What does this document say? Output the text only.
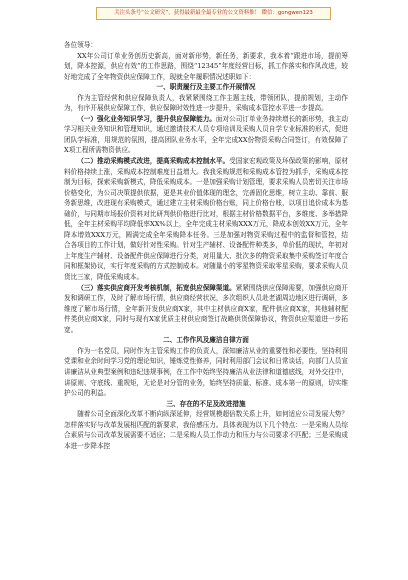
关注头条号“公文研究”，获得最新最全最专业的公文资料推！ 微信：gongwen123

各位领导：

XX年公司订单业务创历史新高，面对新形势，新任务，新要求，我本着“跟进市场，提前筹划，降本控源，供应有效”的工作思路，围绕“12345”年度经营目标，抓工作落实和作风改进，较好地完成了全年物资供应保障工作，现就全年履职情况述职如下：

一、职责履行及主要工作开展情况

作为主管经营和供应保障负责人，我紧紧围绕工作主题主线，带领团队，提前规划，主动作为，有序开展供应保障工作，供应保障时效性进一步提升，采购成本管控水平进一步提高。

（一）强化业务知识学习，提升供应保障能力。面对公司订单业务持续增长的新形势，我主动学习相关业务知识和管理知识，通过邀请技术人员专项培训及采购人员自学专业标准的形式，促进团队学标准，用规范的氛围，提高团队业务水平，全年完成XX份物资采购合同签订，有效保障了X项工程所需物资供应。

（二）推动采购模式改进，提高采购成本控制水平。受国家宏观政策及环保政策的影响，原材料价格持续上涨，采购成本控制难度日益增大。我我采购规范和采购成本管控为抓手，采购成本控制为目标，探索采购新模式，降低采购成本。一是加强采购计划管理，要求采购人员密切关注市场价格变化，为公司决策提供依据，更是其业价值体现的理念，完善固化思维，树立主动、靠前、服务新思维，改进现有采购模式，通过建立主材采购价格台账，同上价格台账，以项目追价成本为基础价，与同期市场报价资料对比研判供价格进行比对，根据主材价格数据平台，多维度、多举措降低，全年主材采购平均降低率XX%以上，全年完成主材采购XXX万元，降成本创效XX万元，全年降本增效XXX万元，圆满完成全年采购降本任务。三是加强对物资采购过程中的监督和管控，结合各项目的工作计划，做好针对性采购。针对生产辅材、设备配件种类多，单价低的现状，年初对上年度生产辅材、设备配件供应保障进行分类，对用量大、批次多的物资采取集中采购签订年度合同和框架协议，实行年度采购的方式控制成本。对随量小的零星物资采取零星采购，要求采购人员货比三家，降低采购成本。

（三）落实供应商开发考核机制，拓宽供应保障渠道。紧紧围绕供应保障需要，加强供应商开发和调研工作，及时了解市场行情，供应商经营状况，多次组织人员赴老湖周边地区进行调研，多维度了解市场行情，全年新开发供应商X家，其中主材供应商X家，配件供应商X家，其他辅材配件类供应商X家，同时与现有X家优质主材供应商签订战略供货保障协议，物资供应渠道进一步拓宽。

二、工作作风及廉洁自律方面

作为一名党员，同时作为主管采购工作的负责人，深知廉洁从业的重要性和必要性，坚持利用党课和业余时间学习党的理论知识，锤炼党性修养，同时利用部门会议和日常谈话，向部门人员宣讲廉洁从业典型案例和违纪违规事例，在工作中始终坚持廉洁从业法律和道德底线，对外交往中，讲原则、守底线、重规矩，无论是对分管的业务，始终坚持质量、标准、成本第一的原则，切实维护公司的利益。

三、存在的不足及改进措施

随着公司全面深化改革不断向纵深延伸，经营规模超倍数关系上升，如何适应公司发展大势？怎样落实好与改革发展相匹配的新要求，我倍感压力。具体表现为以下几个特点：一是采购人员综合素质与公司改革发展需要不适应；二是采购人员工作动力和压力与公司要求不匹配；三是采购成本进一步降本控
